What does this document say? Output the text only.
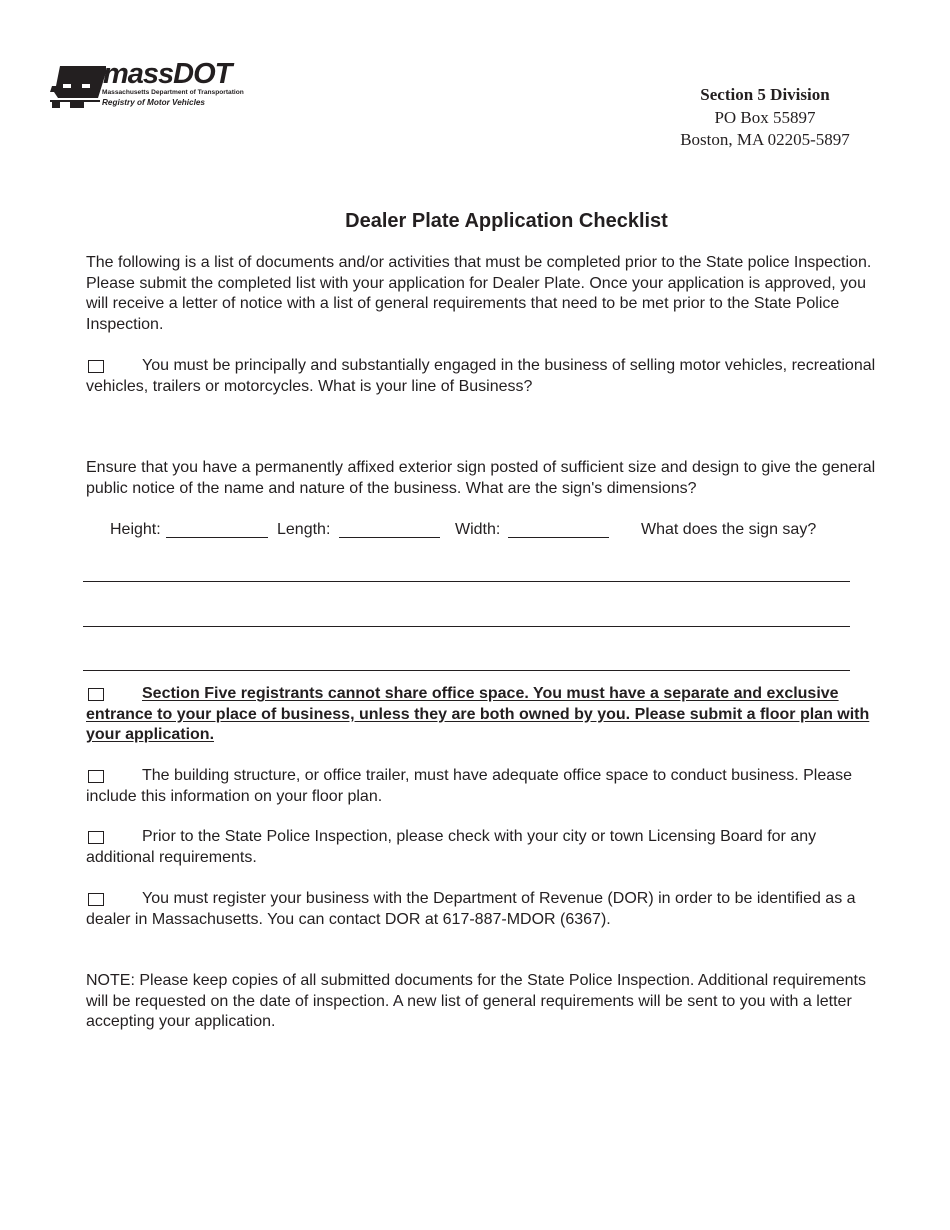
massDOT
Massachusetts Department of Transportation
Registry of Motor Vehicles	Section 5 Division
PO Box 55897
Boston, MA 02205-5897
Dealer Plate Application Checklist
The following is a list of documents and/or activities that must be completed prior to the State police Inspection. Please submit the completed list with your application for Dealer Plate. Once your application is approved, you will receive a letter of notice with a list of general requirements that need to be met prior to the State Police Inspection.
You must be principally and substantially engaged in the business of selling motor vehicles, recreational vehicles, trailers or motorcycles. What is your line of Business?
Ensure that you have a permanently affixed exterior sign posted of sufficient size and design to give the general public notice of the name and nature of the business. What are the sign's dimensions?
Height:	Length:	Width:	What does the sign say?
Section Five registrants cannot share office space. You must have a separate and exclusive entrance to your place of business, unless they are both owned by you. Please submit a floor plan with your application.
The building structure, or office trailer, must have adequate office space to conduct business. Please include this information on your floor plan.
Prior to the State Police Inspection, please check with your city or town Licensing Board for any additional requirements.
You must register your business with the Department of Revenue (DOR) in order to be identified as a dealer in Massachusetts. You can contact DOR at 617-887-MDOR (6367).
NOTE: Please keep copies of all submitted documents for the State Police Inspection. Additional requirements will be requested on the date of inspection. A new list of general requirements will be sent to you with a letter accepting your application.
